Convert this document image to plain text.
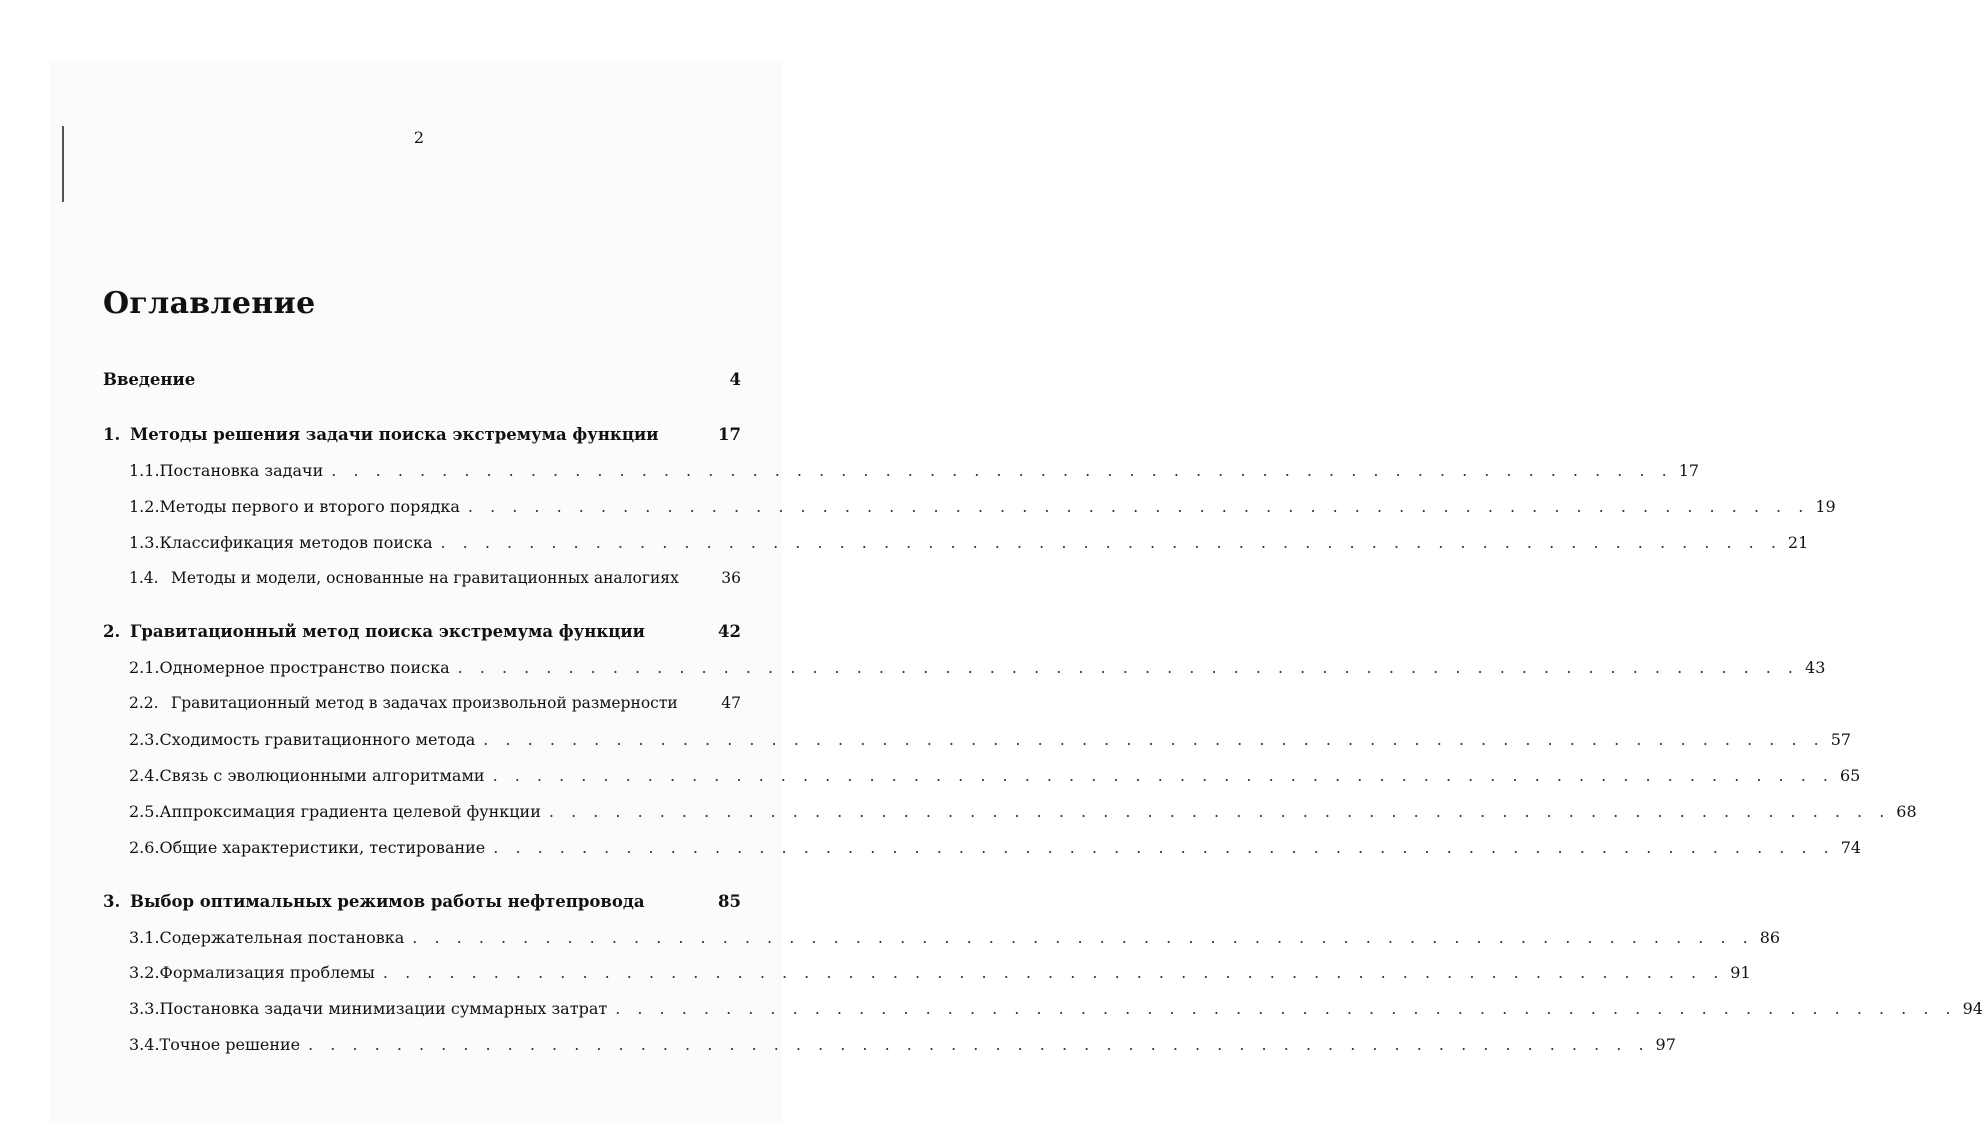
2
Оглавление
Введение	4
1. Методы решения задачи поиска экстремума функции	17
1.1. Постановка задачи . . . . . . . . . . . . . . . . . . . . . . . . . . . . . . . . . . . . . . . . . . . . . . . . . . . . . . . . . . . . . 17
1.2. Методы первого и второго порядка . . . . . . . . . . . . . . . . . . . . . . . . . . . . . . . . . . . . . . . . . . . . . . . . . . . . . . . . . . . . . 19
1.3. Классификация методов поиска . . . . . . . . . . . . . . . . . . . . . . . . . . . . . . . . . . . . . . . . . . . . . . . . . . . . . . . . . . . . . 21
1.4. Методы и модели, основанные на гравитационных аналогиях	36
2. Гравитационный метод поиска экстремума функции	42
2.1. Одномерное пространство поиска . . . . . . . . . . . . . . . . . . . . . . . . . . . . . . . . . . . . . . . . . . . . . . . . . . . . . . . . . . . . . 43
2.2. Гравитационный метод в задачах произвольной размерности	47
2.3. Сходимость гравитационного метода . . . . . . . . . . . . . . . . . . . . . . . . . . . . . . . . . . . . . . . . . . . . . . . . . . . . . . . . . . . . . 57
2.4. Связь с эволюционными алгоритмами . . . . . . . . . . . . . . . . . . . . . . . . . . . . . . . . . . . . . . . . . . . . . . . . . . . . . . . . . . . . . 65
2.5. Аппроксимация градиента целевой функции . . . . . . . . . . . . . . . . . . . . . . . . . . . . . . . . . . . . . . . . . . . . . . . . . . . . . . . . . . . . . 68
2.6. Общие характеристики, тестирование . . . . . . . . . . . . . . . . . . . . . . . . . . . . . . . . . . . . . . . . . . . . . . . . . . . . . . . . . . . . . 74
3. Выбор оптимальных режимов работы нефтепровода	85
3.1. Содержательная постановка . . . . . . . . . . . . . . . . . . . . . . . . . . . . . . . . . . . . . . . . . . . . . . . . . . . . . . . . . . . . . 86
3.2. Формализация проблемы . . . . . . . . . . . . . . . . . . . . . . . . . . . . . . . . . . . . . . . . . . . . . . . . . . . . . . . . . . . . . 91
3.3. Постановка задачи минимизации суммарных затрат . . . . . . . . . . . . . . . . . . . . . . . . . . . . . . . . . . . . . . . . . . . . . . . . . . . . . . . . . . . . . 94
3.4. Точное решение . . . . . . . . . . . . . . . . . . . . . . . . . . . . . . . . . . . . . . . . . . . . . . . . . . . . . . . . . . . . . 97
